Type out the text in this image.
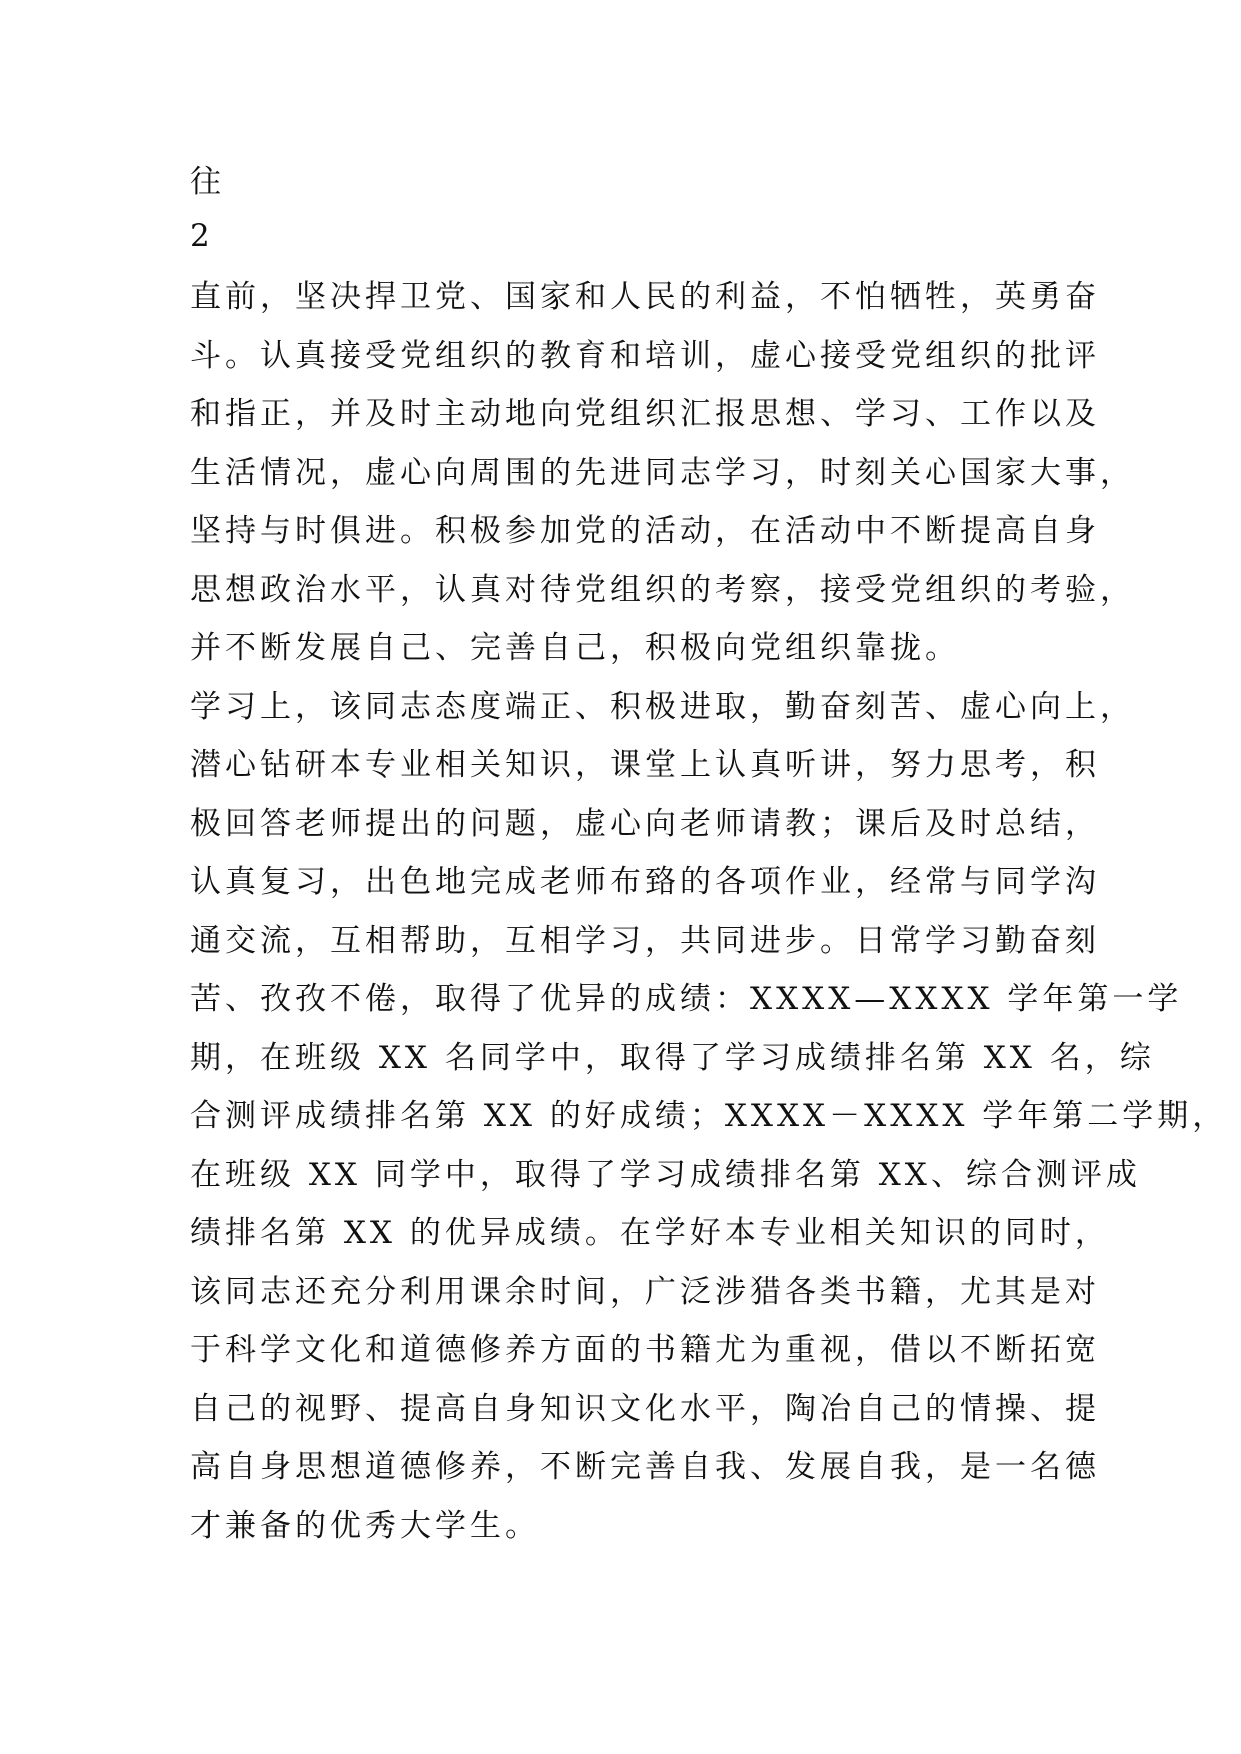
往
2
直前，坚决捍卫党、国家和人民的利益，不怕牺牲，英勇奋
斗。认真接受党组织的教育和培训，虚心接受党组织的批评
和指正，并及时主动地向党组织汇报思想、学习、工作以及
生活情况，虚心向周围的先进同志学习，时刻关心国家大事，
坚持与时俱进。积极参加党的活动，在活动中不断提高自身
思想政治水平，认真对待党组织的考察，接受党组织的考验，
并不断发展自己、完善自己，积极向党组织靠拢。
学习上，该同志态度端正、积极进取，勤奋刻苦、虚心向上，
潜心钻研本专业相关知识，课堂上认真听讲，努力思考，积
极回答老师提出的问题，虚心向老师请教；课后及时总结，
认真复习，出色地完成老师布臵的各项作业，经常与同学沟
通交流，互相帮助，互相学习，共同进步。日常学习勤奋刻
苦、孜孜不倦，取得了优异的成绩：XXXX—XXXX 学年第一学
期，在班级 XX 名同学中，取得了学习成绩排名第 XX 名，综
合测评成绩排名第 XX 的好成绩；XXXX－XXXX 学年第二学期，
在班级 XX 同学中，取得了学习成绩排名第 XX、综合测评成
绩排名第 XX 的优异成绩。在学好本专业相关知识的同时，
该同志还充分利用课余时间，广泛涉猎各类书籍，尤其是对
于科学文化和道德修养方面的书籍尤为重视，借以不断拓宽
自己的视野、提高自身知识文化水平，陶冶自己的情操、提
高自身思想道德修养，不断完善自我、发展自我，是一名德
才兼备的优秀大学生。
